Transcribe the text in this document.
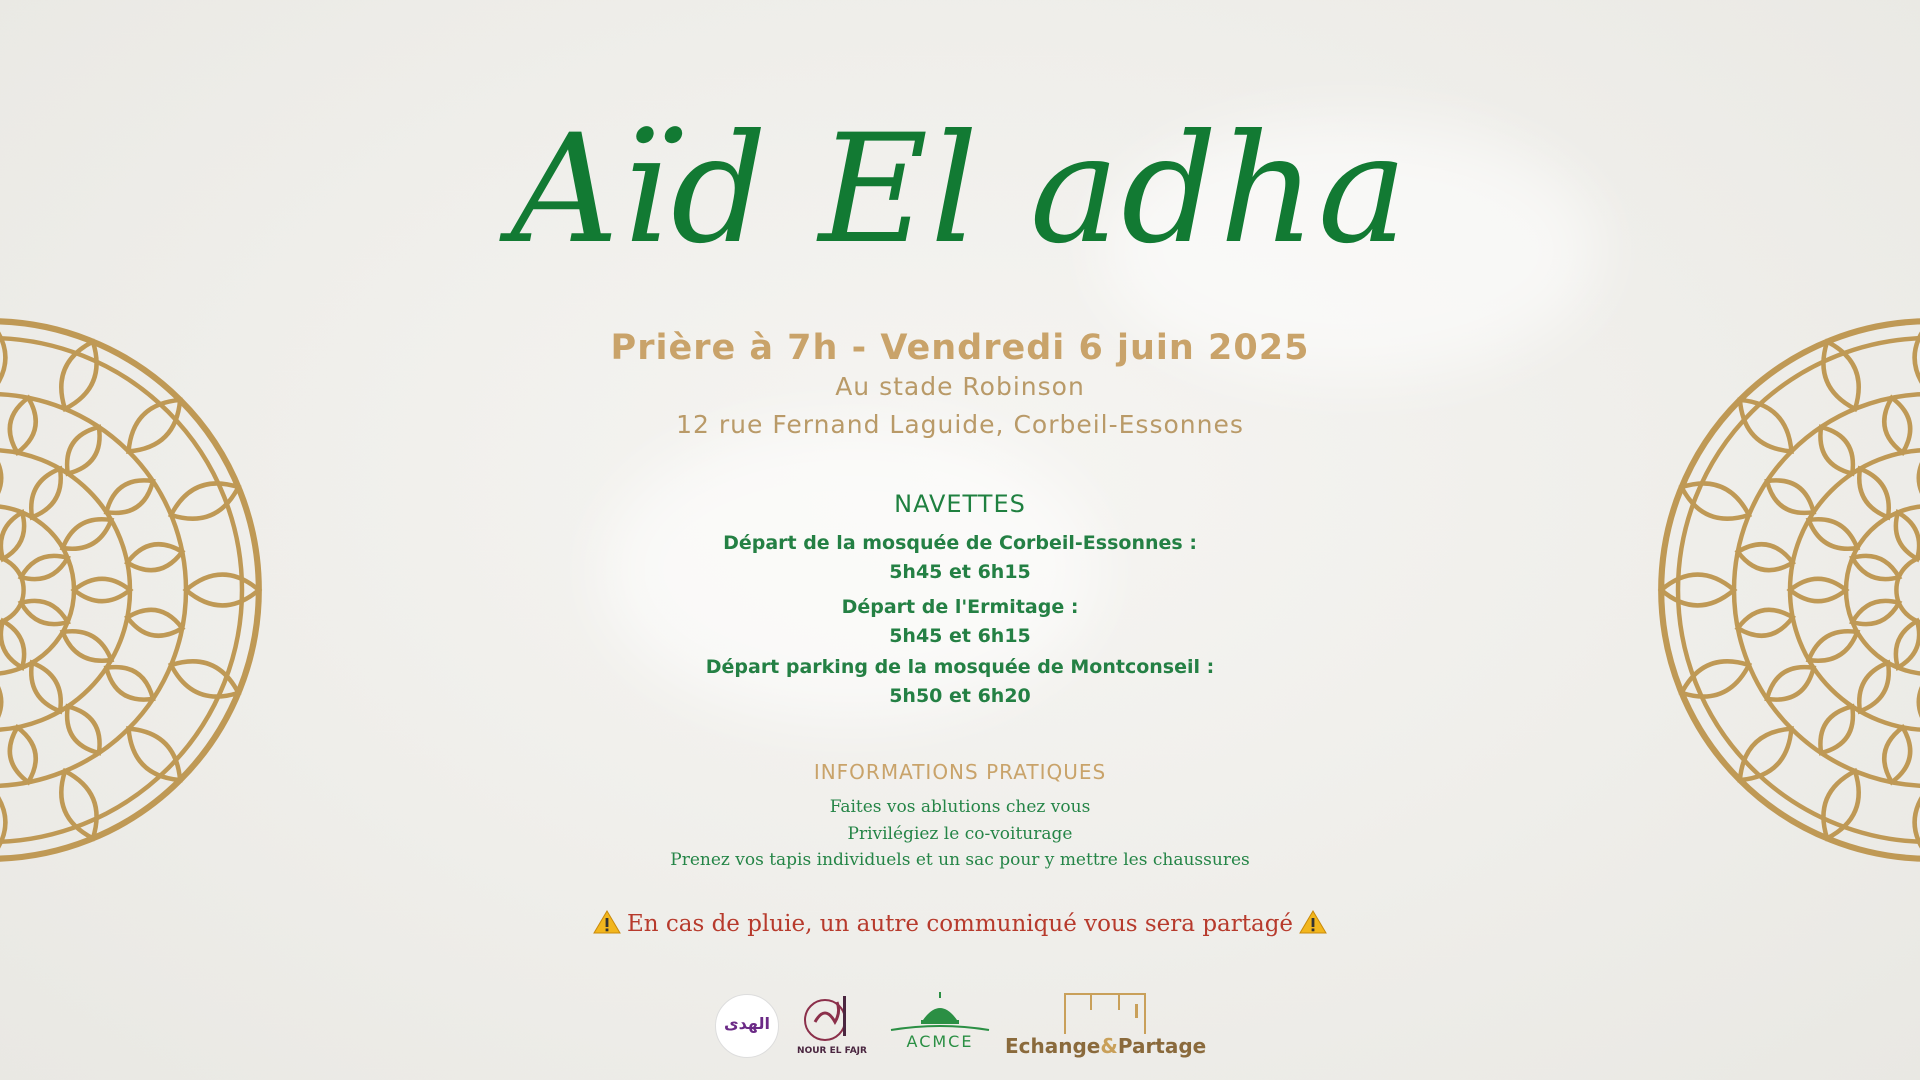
Aïd El adha
Prière à 7h - Vendredi 6 juin 2025
Au stade Robinson
12 rue Fernand Laguide, Corbeil-Essonnes
NAVETTES
Départ de la mosquée de Corbeil-Essonnes :
5h45 et 6h15
Départ de l'Ermitage :
5h45 et 6h15
Départ parking de la mosquée de Montconseil :
5h50 et 6h20
INFORMATIONS PRATIQUES
Faites vos ablutions chez vous
Privilégiez le co-voiturage
Prenez vos tapis individuels et un sac pour y mettre les chaussures
En cas de pluie, un autre communiqué vous sera partagé
الهدى
NOUR EL FAJR	ACMCE	Echange&Partage
